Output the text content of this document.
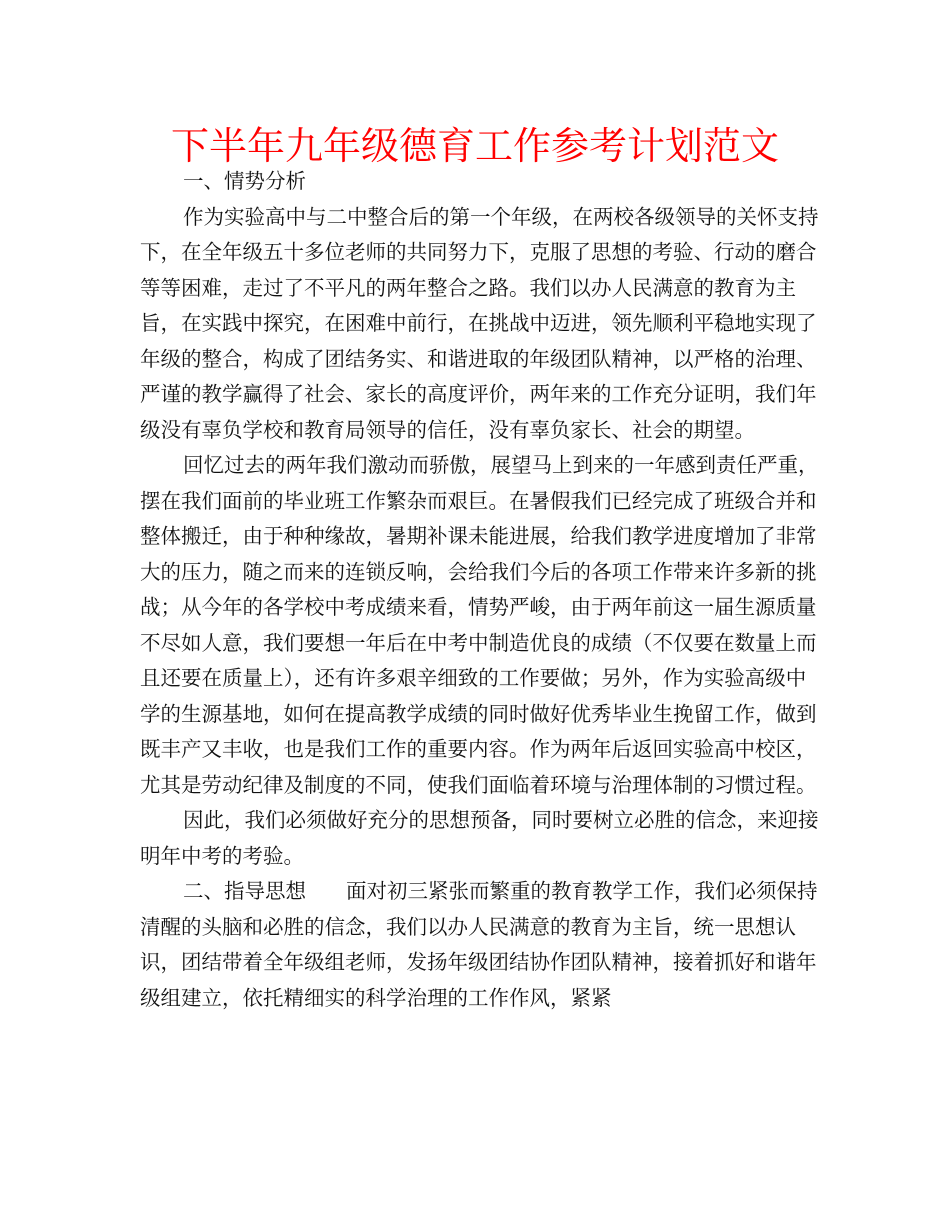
下半年九年级德育工作参考计划范文

一、情势分析

作为实验高中与二中整合后的第一个年级，在两校各级领导的关怀支持下，在全年级五十多位老师的共同努力下，克服了思想的考验、行动的磨合等等困难，走过了不平凡的两年整合之路。我们以办人民满意的教育为主旨，在实践中探究，在困难中前行，在挑战中迈进，领先顺利平稳地实现了年级的整合，构成了团结务实、和谐进取的年级团队精神，以严格的治理、严谨的教学赢得了社会、家长的高度评价，两年来的工作充分证明，我们年级没有辜负学校和教育局领导的信任，没有辜负家长、社会的期望。

回忆过去的两年我们激动而骄傲，展望马上到来的一年感到责任严重，摆在我们面前的毕业班工作繁杂而艰巨。在暑假我们已经完成了班级合并和整体搬迁，由于种种缘故，暑期补课未能进展，给我们教学进度增加了非常大的压力，随之而来的连锁反响，会给我们今后的各项工作带来许多新的挑战；从今年的各学校中考成绩来看，情势严峻，由于两年前这一届生源质量不尽如人意，我们要想一年后在中考中制造优良的成绩（不仅要在数量上而且还要在质量上），还有许多艰辛细致的工作要做；另外，作为实验高级中学的生源基地，如何在提高教学成绩的同时做好优秀毕业生挽留工作，做到既丰产又丰收，也是我们工作的重要内容。作为两年后返回实验高中校区，尤其是劳动纪律及制度的不同，使我们面临着环境与治理体制的习惯过程。

因此，我们必须做好充分的思想预备，同时要树立必胜的信念，来迎接明年中考的考验。

二、指导思想 面对初三紧张而繁重的教育教学工作，我们必须保持清醒的头脑和必胜的信念，我们以办人民满意的教育为主旨，统一思想认识，团结带着全年级组老师，发扬年级团结协作团队精神，接着抓好和谐年级组建立，依托精细实的科学治理的工作作风，紧紧
